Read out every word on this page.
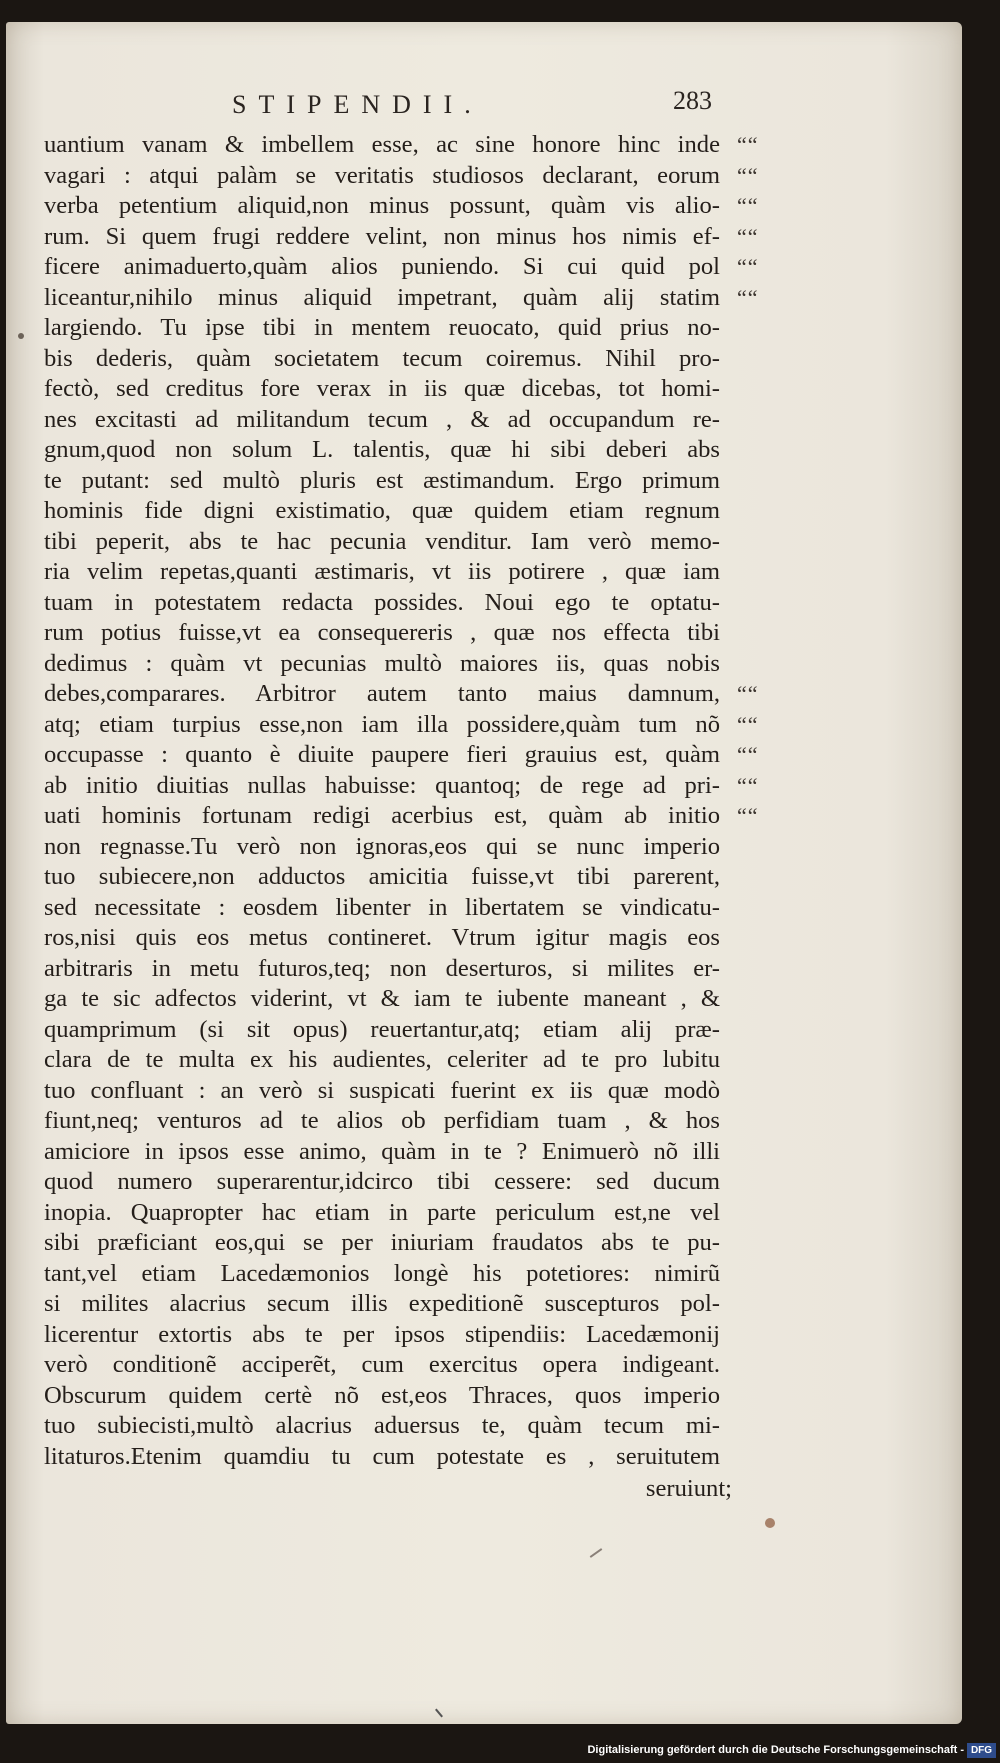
STIPENDII.	283
uantium vanam & imbellem esse, ac sine honore hinc inde ““
vagari : atqui palàm se veritatis studiosos declarant, eorum ““
verba petentium aliquid,non minus possunt, quàm vis alio- ““
rum. Si quem frugi reddere velint, non minus hos nimis ef- ““
ficere animaduerto,quàm alios puniendo. Si cui quid pol ““
liceantur,nihilo minus aliquid impetrant, quàm alij statim ““
largiendo. Tu ipse tibi in mentem reuocato, quid prius no-
bis dederis, quàm societatem tecum coiremus. Nihil pro-
fectò, sed creditus fore verax in iis quæ dicebas, tot homi-
nes excitasti ad militandum tecum , & ad occupandum re-
gnum,quod non solum L. talentis, quæ hi sibi deberi abs
te putant: sed multò pluris est æstimandum. Ergo primum
hominis fide digni existimatio, quæ quidem etiam regnum
tibi peperit, abs te hac pecunia venditur. Iam verò memo-
ria velim repetas,quanti æstimaris, vt iis potirere , quæ iam
tuam in potestatem redacta possides. Noui ego te optatu-
rum potius fuisse,vt ea consequereris , quæ nos effecta tibi
dedimus : quàm vt pecunias multò maiores iis, quas nobis
debes,comparares. Arbitror autem tanto maius damnum, ““
atq; etiam turpius esse,non iam illa possidere,quàm tum nõ ““
occupasse : quanto è diuite paupere fieri grauius est, quàm ““
ab initio diuitias nullas habuisse: quantoq; de rege ad pri- ““
uati hominis fortunam redigi acerbius est, quàm ab initio ““
non regnasse.Tu verò non ignoras,eos qui se nunc imperio
tuo subiecere,non adductos amicitia fuisse,vt tibi parerent,
sed necessitate : eosdem libenter in libertatem se vindicatu-
ros,nisi quis eos metus contineret. Vtrum igitur magis eos
arbitraris in metu futuros,teq; non deserturos, si milites er-
ga te sic adfectos viderint, vt & iam te iubente maneant , &
quamprimum (si sit opus) reuertantur,atq; etiam alij præ-
clara de te multa ex his audientes, celeriter ad te pro lubitu
tuo confluant : an verò si suspicati fuerint ex iis quæ modò
fiunt,neq; venturos ad te alios ob perfidiam tuam , & hos
amiciore in ipsos esse animo, quàm in te ? Enimuerò nõ illi
quod numero superarentur,idcirco tibi cessere: sed ducum
inopia. Quapropter hac etiam in parte periculum est,ne vel
sibi præficiant eos,qui se per iniuriam fraudatos abs te pu-
tant,vel etiam Lacedæmonios longè his potetiores: nimirũ
si milites alacrius secum illis expeditionẽ suscepturos pol-
licerentur extortis abs te per ipsos stipendiis: Lacedæmonij
verò conditionẽ acciperẽt, cum exercitus opera indigeant.
Obscurum quidem certè nõ est,eos Thraces, quos imperio
tuo subiecisti,multò alacrius aduersus te, quàm tecum mi-
litaturos.Etenim quamdiu tu cum potestate es , seruitutem
seruiunt;
Digitalisierung gefördert durch die Deutsche Forschungsgemeinschaft - DFG
